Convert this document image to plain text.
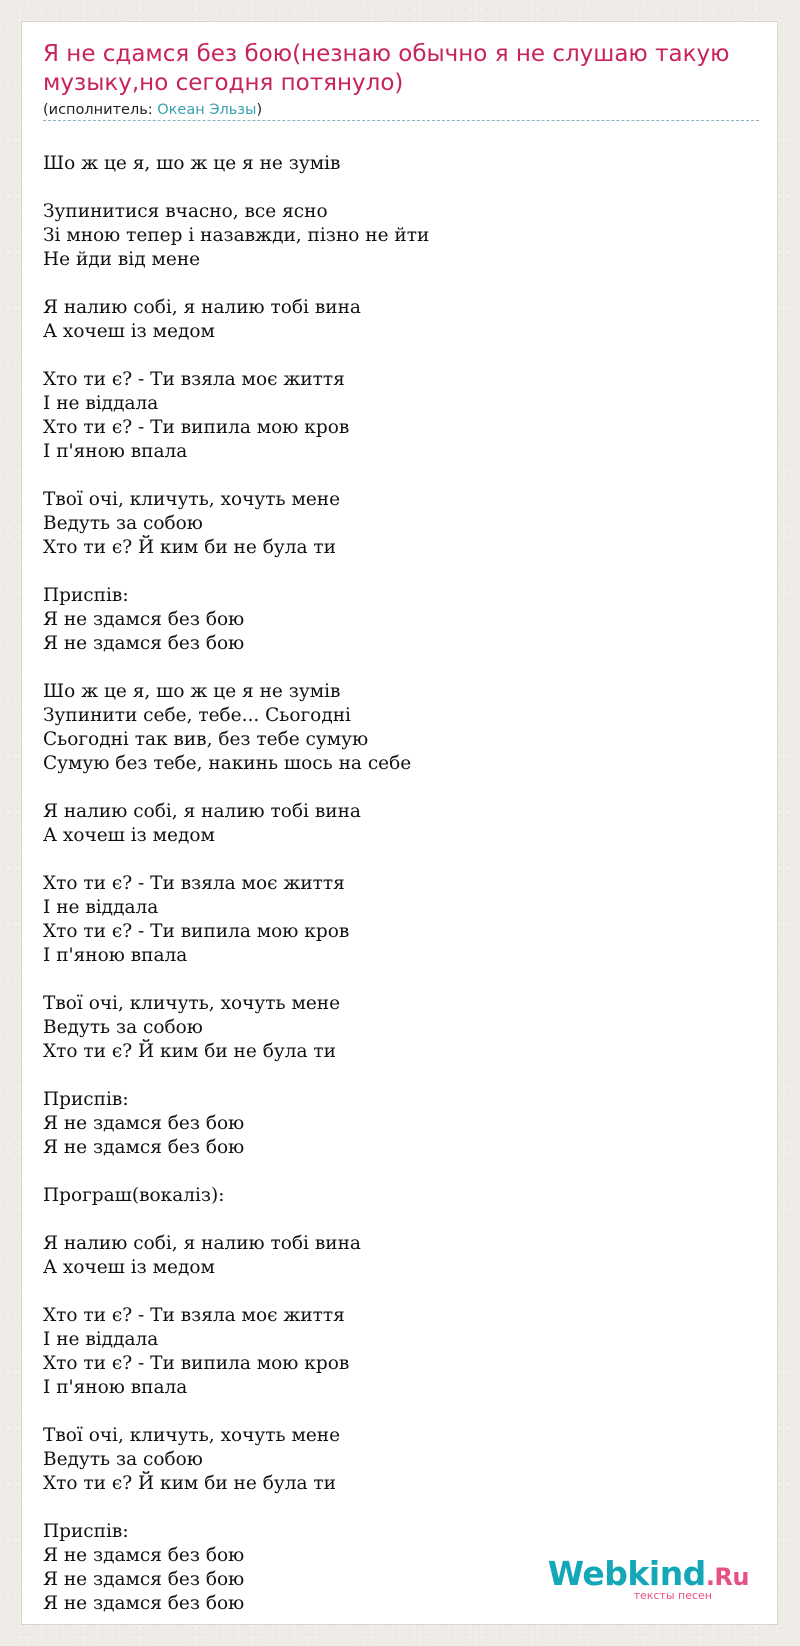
Я не сдамся без бою(незнаю обычно я не слушаю такую музыку,но сегодня потянуло)
(исполнитель: Океан Эльзы)
Шо ж це я, шо ж це я не зумів
Зупинитися вчасно, все ясно
Зі мною тепер і назавжди, пізно не йти
Не йди від мене
Я налию собі, я налию тобі вина
А хочеш із медом
Хто ти є? - Ти взяла моє життя
І не віддала
Хто ти є? - Ти випила мою кров
І п'яною впала
Твої очі, кличуть, хочуть мене
Ведуть за собою
Хто ти є? Й ким би не була ти
Приспів:
Я не здамся без бою
Я не здамся без бою
Шо ж це я, шо ж це я не зумів
Зупинити себе, тебе... Сьогодні
Сьогодні так вив, без тебе сумую
Сумую без тебе, накинь шось на себе
Я налию собі, я налию тобі вина
А хочеш із медом
Хто ти є? - Ти взяла моє життя
І не віддала
Хто ти є? - Ти випила мою кров
І п'яною впала
Твої очі, кличуть, хочуть мене
Ведуть за собою
Хто ти є? Й ким би не була ти
Приспів:
Я не здамся без бою
Я не здамся без бою
Програш(вокаліз):
Я налию собі, я налию тобі вина
А хочеш із медом
Хто ти є? - Ти взяла моє життя
І не віддала
Хто ти є? - Ти випила мою кров
І п'яною впала
Твої очі, кличуть, хочуть мене
Ведуть за собою
Хто ти є? Й ким би не була ти
Приспів:
Я не здамся без бою
Я не здамся без бою
Я не здамся без бою
Webkind.Ru
тексты песен
